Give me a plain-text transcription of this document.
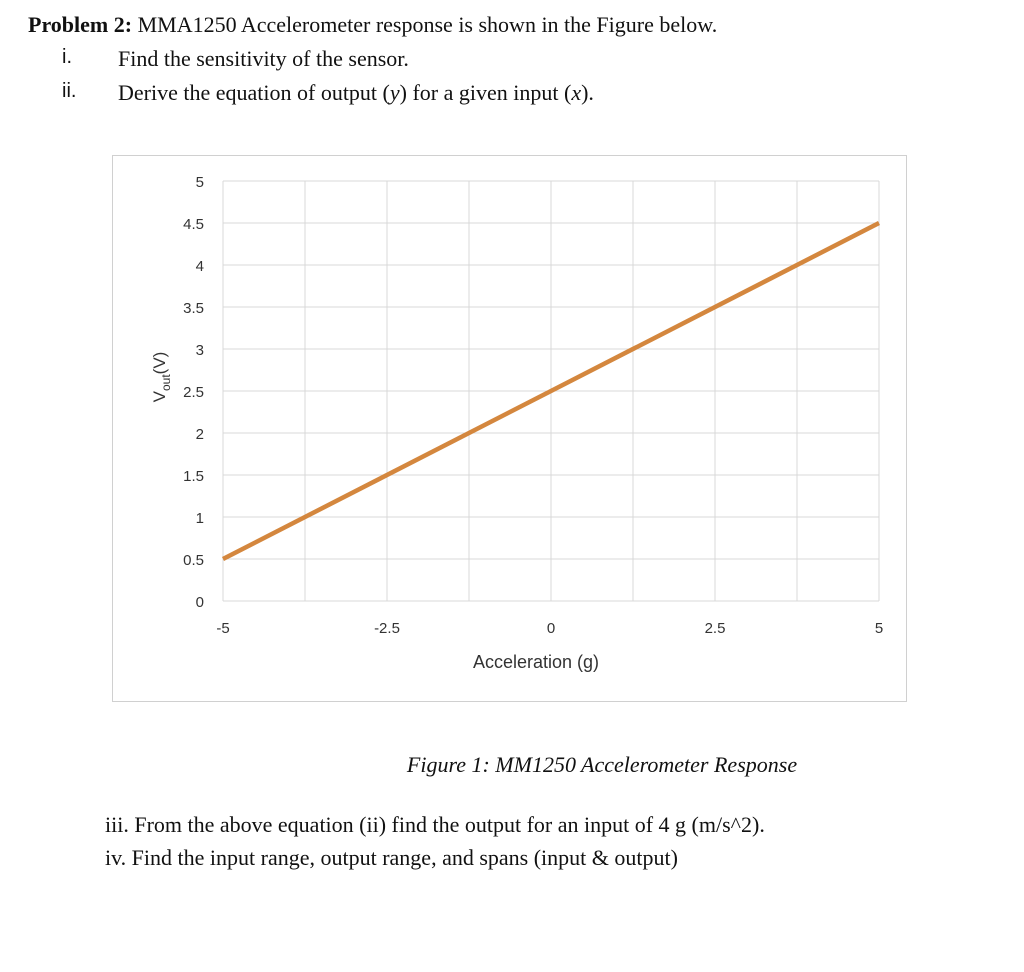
Problem 2: MMA1250 Accelerometer response is shown in the Figure below.
i. Find the sensitivity of the sensor.
ii. Derive the equation of output (y) for a given input (x).
0
0.5
1
1.5
2
2.5
3
3.5
4
4.5
5
-5	-2.5	0	2.5	5
Acceleration (g)
$V_{out}(V)$
Figure 1: MM1250 Accelerometer Response
iii. From the above equation (ii) find the output for an input of 4 g (m/s^2).
iv. Find the input range, output range, and spans (input & output)
